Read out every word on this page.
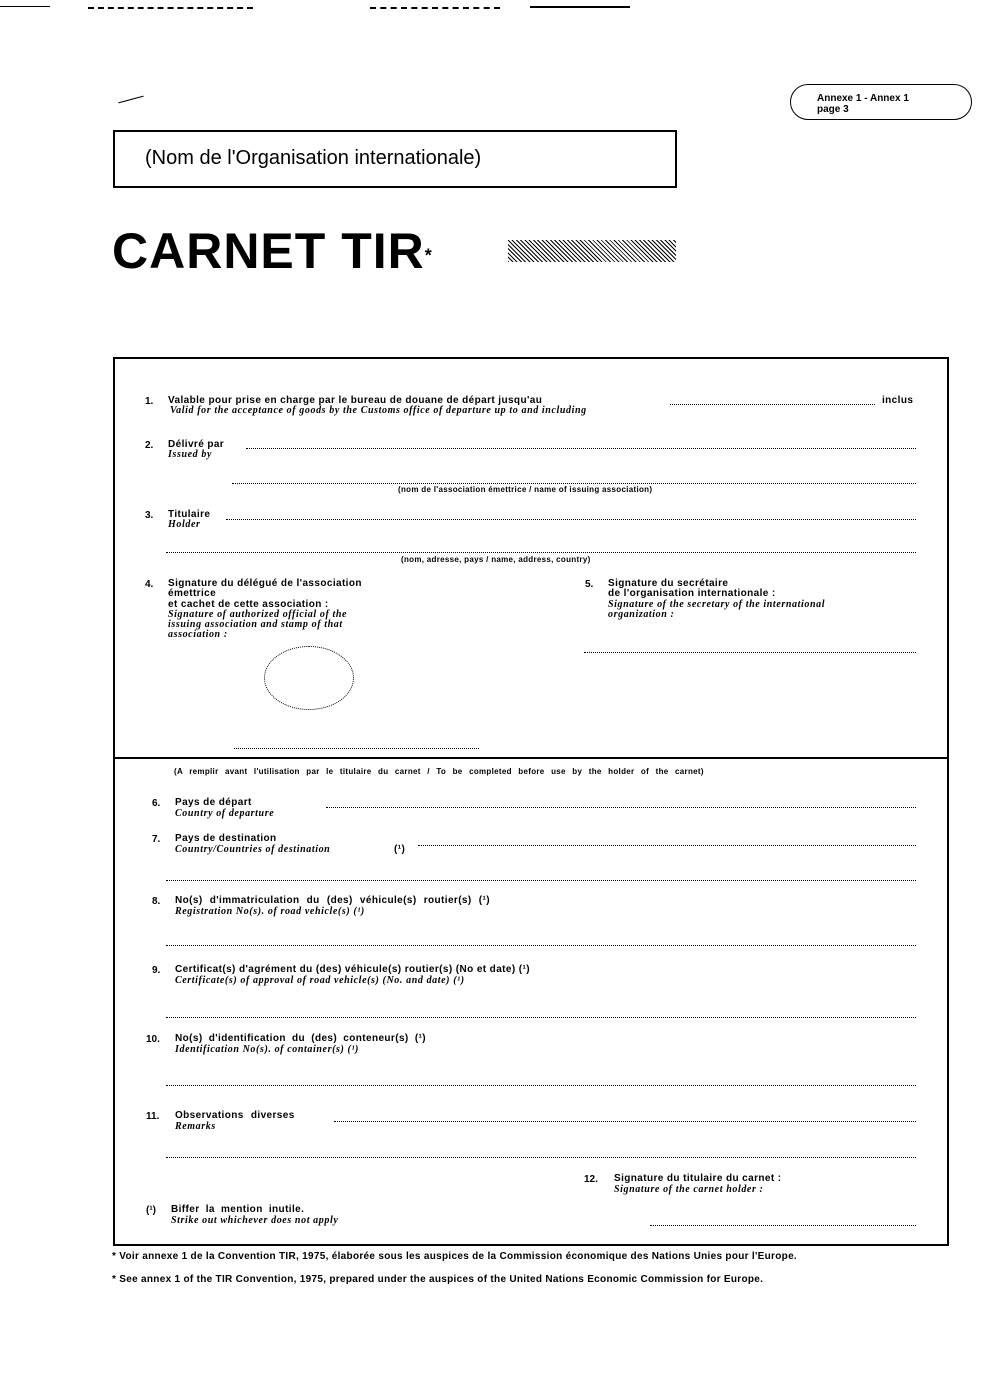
Annexe 1 - Annex 1
page 3
(Nom de l'Organisation internationale)
CARNET TIR*
1. Valable pour prise en charge par le bureau de douane de départ jusqu'au
Valid for the acceptance of goods by the Customs office of departure up to and including
inclus
2. Délivré par
Issued by
(nom de l'association émettrice / name of issuing association)
3. Titulaire
Holder
(nom, adresse, pays / name, address, country)
4. Signature du délégué de l'association
émettrice
et cachet de cette association :
Signature of authorized official of the
issuing association and stamp of that
association :
5. Signature du secrétaire
de l'organisation internationale :
Signature of the secretary of the international
organization :
(A remplir avant l'utilisation par le titulaire du carnet / To be completed before use by the holder of the carnet)
6. Pays de départ
Country of departure
7. Pays de destination
Country/Countries of destination	(¹)
8. No(s) d'immatriculation du (des) véhicule(s) routier(s) (¹)
Registration No(s). of road vehicle(s) (¹)
9. Certificat(s) d'agrément du (des) véhicule(s) routier(s) (No et date) (¹)
Certificate(s) of approval of road vehicle(s) (No. and date) (¹)
10. No(s) d'identification du (des) conteneur(s) (¹)
Identification No(s). of container(s) (¹)
11. Observations diverses
Remarks
12. Signature du titulaire du carnet :
Signature of the carnet holder :
(¹) Biffer la mention inutile.
Strike out whichever does not apply
* Voir annexe 1 de la Convention TIR, 1975, élaborée sous les auspices de la Commission économique des Nations Unies pour l'Europe.
* See annex 1 of the TIR Convention, 1975, prepared under the auspices of the United Nations Economic Commission for Europe.
